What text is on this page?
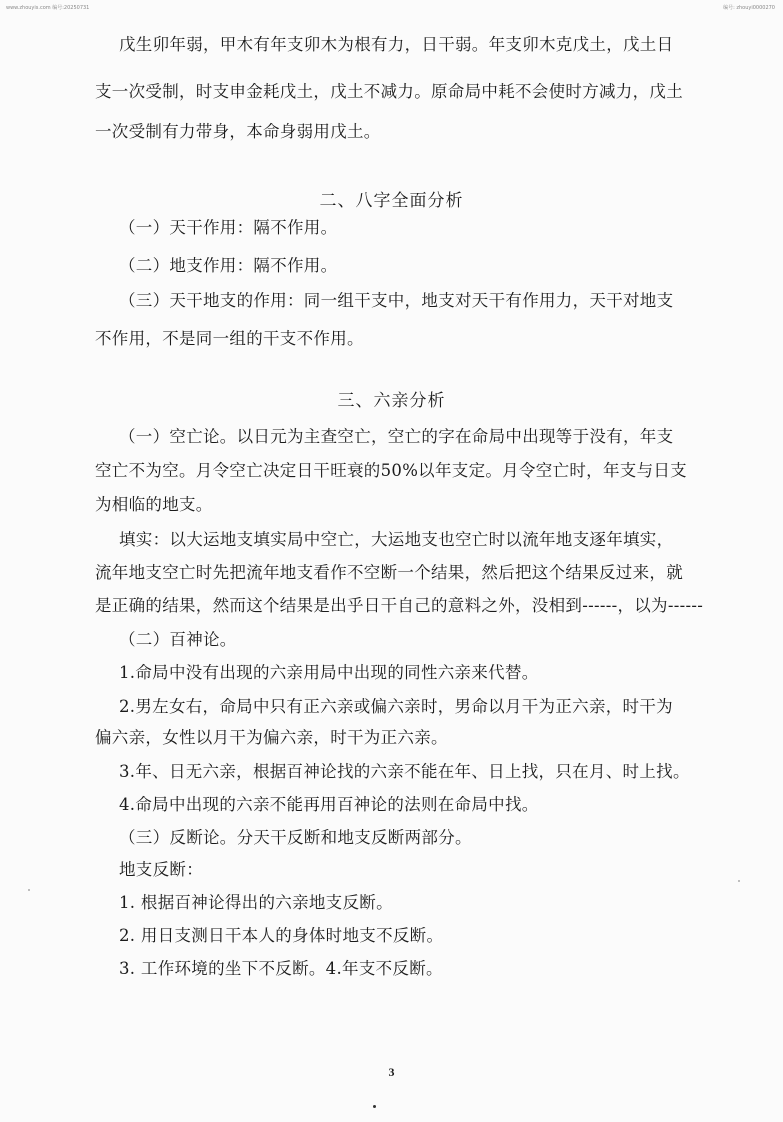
www.zhouyis.com 编号:20250731	编号: zhouyi0000270
戊生卯年弱，甲木有年支卯木为根有力，日干弱。年支卯木克戊土，戊土日
支一次受制，时支申金耗戊土，戊土不减力。原命局中耗不会使时方减力，戊土
一次受制有力带身，本命身弱用戊土。
二、八字全面分析
（一）天干作用：隔不作用。
（二）地支作用：隔不作用。
（三）天干地支的作用：同一组干支中，地支对天干有作用力，天干对地支
不作用，不是同一组的干支不作用。
三、六亲分析
（一）空亡论。以日元为主查空亡，空亡的字在命局中出现等于没有，年支
空亡不为空。月令空亡决定日干旺衰的50%以年支定。月令空亡时，年支与日支
为相临的地支。
填实：以大运地支填实局中空亡，大运地支也空亡时以流年地支逐年填实，
流年地支空亡时先把流年地支看作不空断一个结果，然后把这个结果反过来，就
是正确的结果，然而这个结果是出乎日干自己的意料之外，没相到------，以为------
（二）百神论。
1.命局中没有出现的六亲用局中出现的同性六亲来代替。
2.男左女右，命局中只有正六亲或偏六亲时，男命以月干为正六亲，时干为
偏六亲，女性以月干为偏六亲，时干为正六亲。
3.年、日无六亲，根据百神论找的六亲不能在年、日上找，只在月、时上找。
4.命局中出现的六亲不能再用百神论的法则在命局中找。
（三）反断论。分天干反断和地支反断两部分。
地支反断：
1. 根据百神论得出的六亲地支反断。
2. 用日支测日干本人的身体时地支不反断。
3. 工作环境的坐下不反断。4.年支不反断。
3
